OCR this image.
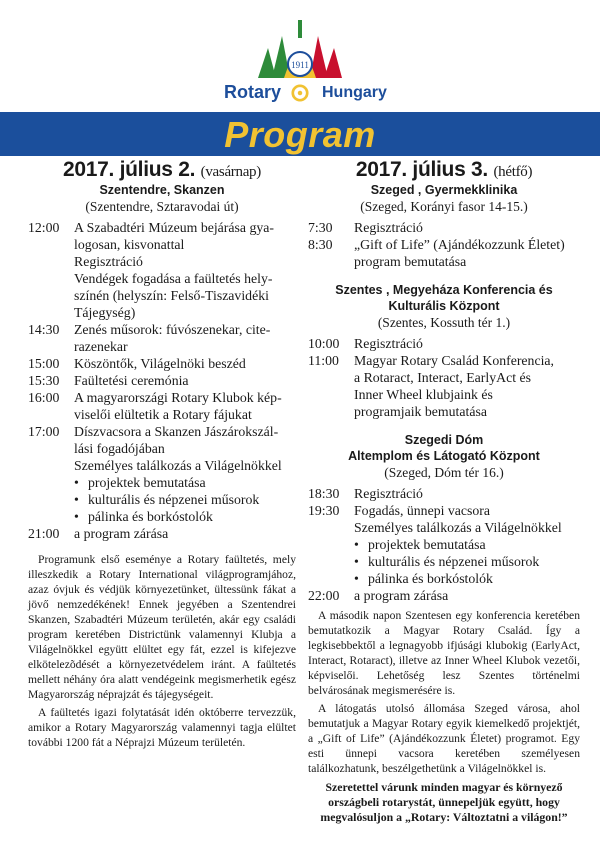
1911
Rotary	Hungary
Program
2017. július 2. (vasárnap)
Szentendre, Skanzen
(Szentendre, Sztaravodai út)
12:00	A Szabadtéri Múzeum bejárása gya-
logosan, kisvonattal
Regisztráció
Vendégek fogadása a faültetés hely-
színén (helyszín: Felső-Tiszavidéki
Tájegység)
14:30	Zenés műsorok: fúvószenekar, cite-
razenekar
15:00	Köszöntők, Világelnöki beszéd
15:30	Faültetési ceremónia
16:00	A magyarországi Rotary Klubok kép-
viselői elültetik a Rotary fájukat
17:00	Díszvacsora a Skanzen Jászárokszál-
lási fogadójában
Személyes találkozás a Világelnökkel
• projektek bemutatása
• kulturális és népzenei műsorok
• pálinka és borkóstolók
21:00	a program zárása

Programunk első eseménye a Rotary faültetés, mely illeszkedik a Rotary International világprogramjához, azaz óvjuk és védjük környezetünket, ültessünk fákat a jövő nemzedékének! Ennek jegyében a Szentendrei Skanzen, Szabadtéri Múzeum területén, akár egy családi program keretében Districtünk valamennyi Klubja a Világelnökkel együtt elültet egy fát, ezzel is kifejezve elkötelezõdését a környezetvédelem iránt. A faültetés mellett néhány óra alatt vendégeink megismerhetik egész Magyarország néprajzát és tájegységeit.

A faültetés igazi folytatását idén októberre tervezzük, amikor a Rotary Magyarország valamennyi tagja elültet további 1200 fát a Néprajzi Múzeum területén.

2017. július 3. (hétfő)
Szeged , Gyermekklinika
(Szeged, Korányi fasor 14-15.)
7:30	Regisztráció
8:30	„Gift of Life” (Ajándékozzunk Életet)
program bemutatása
Szentes , Megyeháza Konferencia és Kulturális Központ
(Szentes, Kossuth tér 1.)
10:00	Regisztráció
11:00	Magyar Rotary Család Konferencia,
a Rotaract, Interact, EarlyAct és
Inner Wheel klubjaink és
programjaik bemutatása
Szegedi Dóm
Altemplom és Látogató Központ
(Szeged, Dóm tér 16.)
18:30	Regisztráció
19:30	Fogadás, ünnepi vacsora
Személyes találkozás a Világelnökkel
• projektek bemutatása
• kulturális és népzenei műsorok
• pálinka és borkóstolók
22:00	a program zárása

A második napon Szentesen egy konferencia keretében bemutatkozik a Magyar Rotary Család. Így a legkisebbektől a legnagyobb ifjúsági klubokig (EarlyAct, Interact, Rotaract), illetve az Inner Wheel Klubok vezetői, képviselői. Lehetőség lesz Szentes történelmi belvárosának megismerésére is.

A látogatás utolsó állomása Szeged városa, ahol bemutatjuk a Magyar Rotary egyik kiemelkedő projektjét, a „Gift of Life” (Ajándékozzunk Életet) programot. Egy esti ünnepi vacsora keretében személyesen találkozhatunk, beszélgethetünk a Világelnökkel is.

Szeretettel várunk minden magyar és környező országbeli rotarystát, ünnepeljük együtt, hogy megvalósuljon a „Rotary: Változtatni a világon!”
